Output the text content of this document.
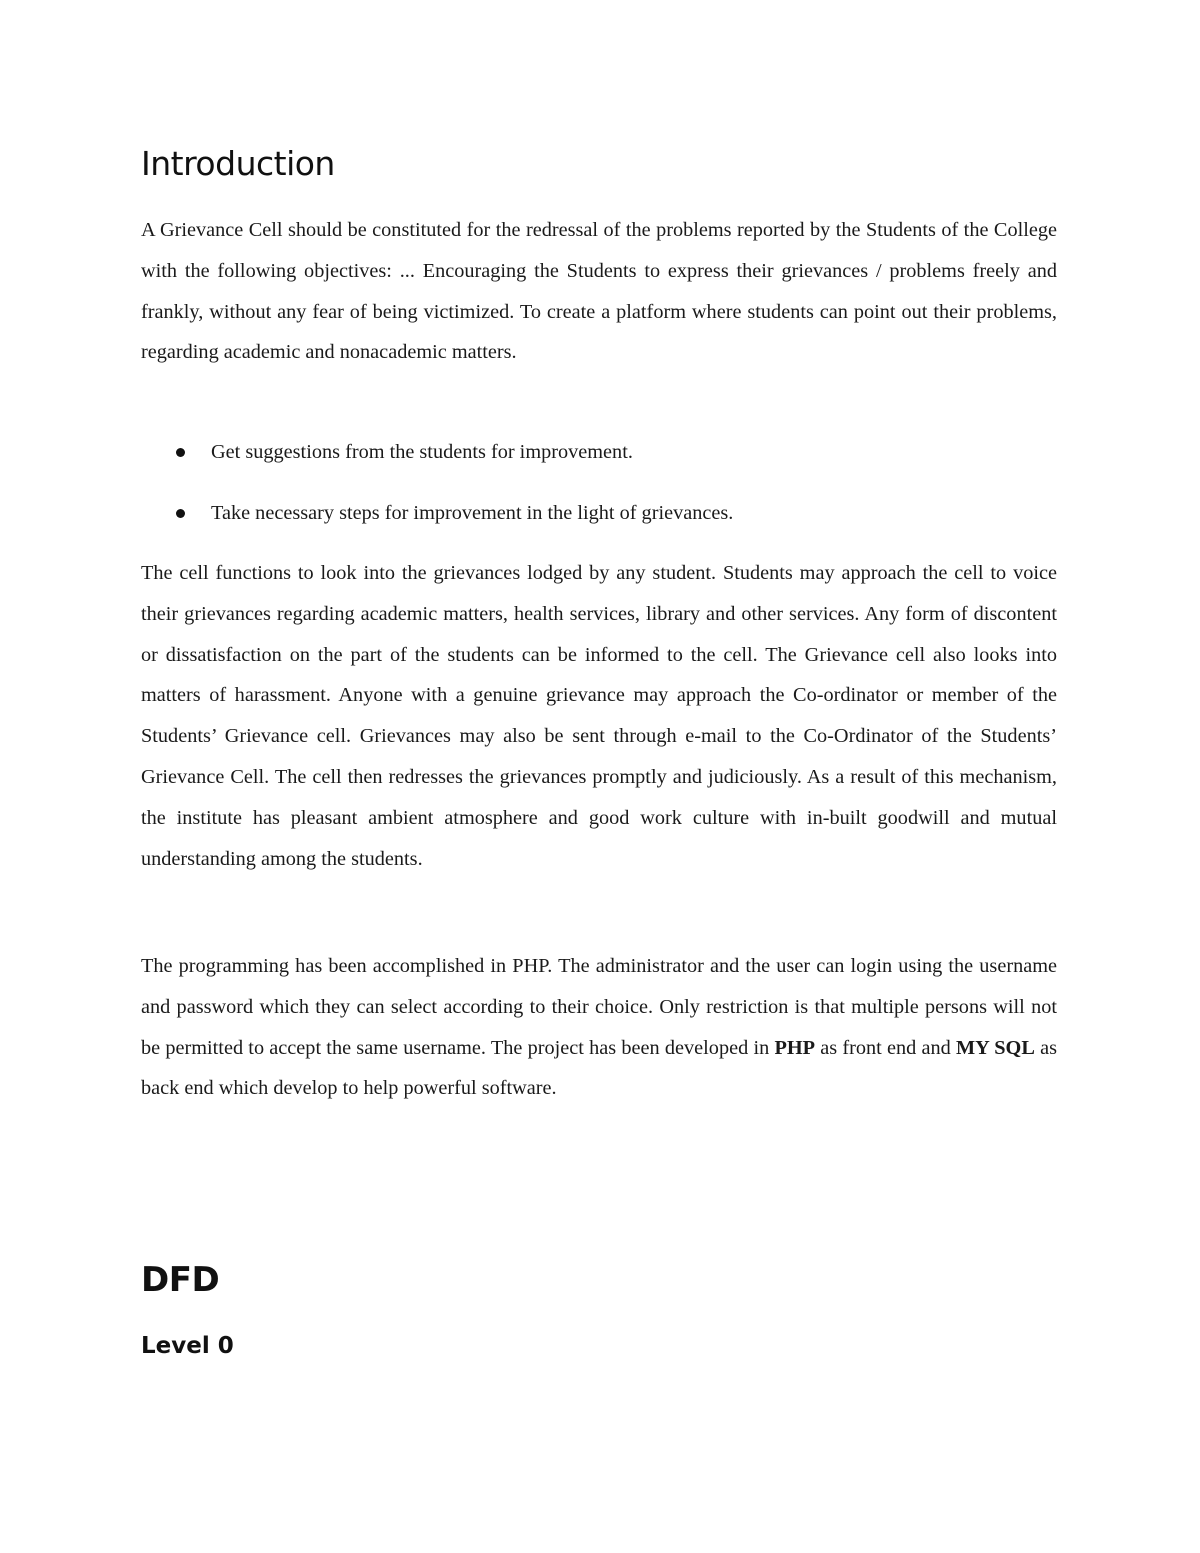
Introduction

A Grievance Cell should be constituted for the redressal of the problems reported by the Students of the College with the following objectives: ... Encouraging the Students to express their grievances / problems freely and frankly, without any fear of being victimized. To create a platform where students can point out their problems, regarding academic and nonacademic matters.

Get suggestions from the students for improvement.
Take necessary steps for improvement in the light of grievances.

The cell functions to look into the grievances lodged by any student. Students may approach the cell to voice their grievances regarding academic matters, health services, library and other services. Any form of discontent or dissatisfaction on the part of the students can be informed to the cell. The Grievance cell also looks into matters of harassment. Anyone with a genuine grievance may approach the Co-ordinator or member of the Students’ Grievance cell. Grievances may also be sent through e-mail to the Co-Ordinator of the Students’ Grievance Cell. The cell then redresses the grievances promptly and judiciously. As a result of this mechanism, the institute has pleasant ambient atmosphere and good work culture with in-built goodwill and mutual understanding among the students.

The programming has been accomplished in PHP. The administrator and the user can login using the username and password which they can select according to their choice. Only restriction is that multiple persons will not be permitted to accept the same username. The project has been developed in PHP as front end and MY SQL as back end which develop to help powerful software.

DFD
Level 0
